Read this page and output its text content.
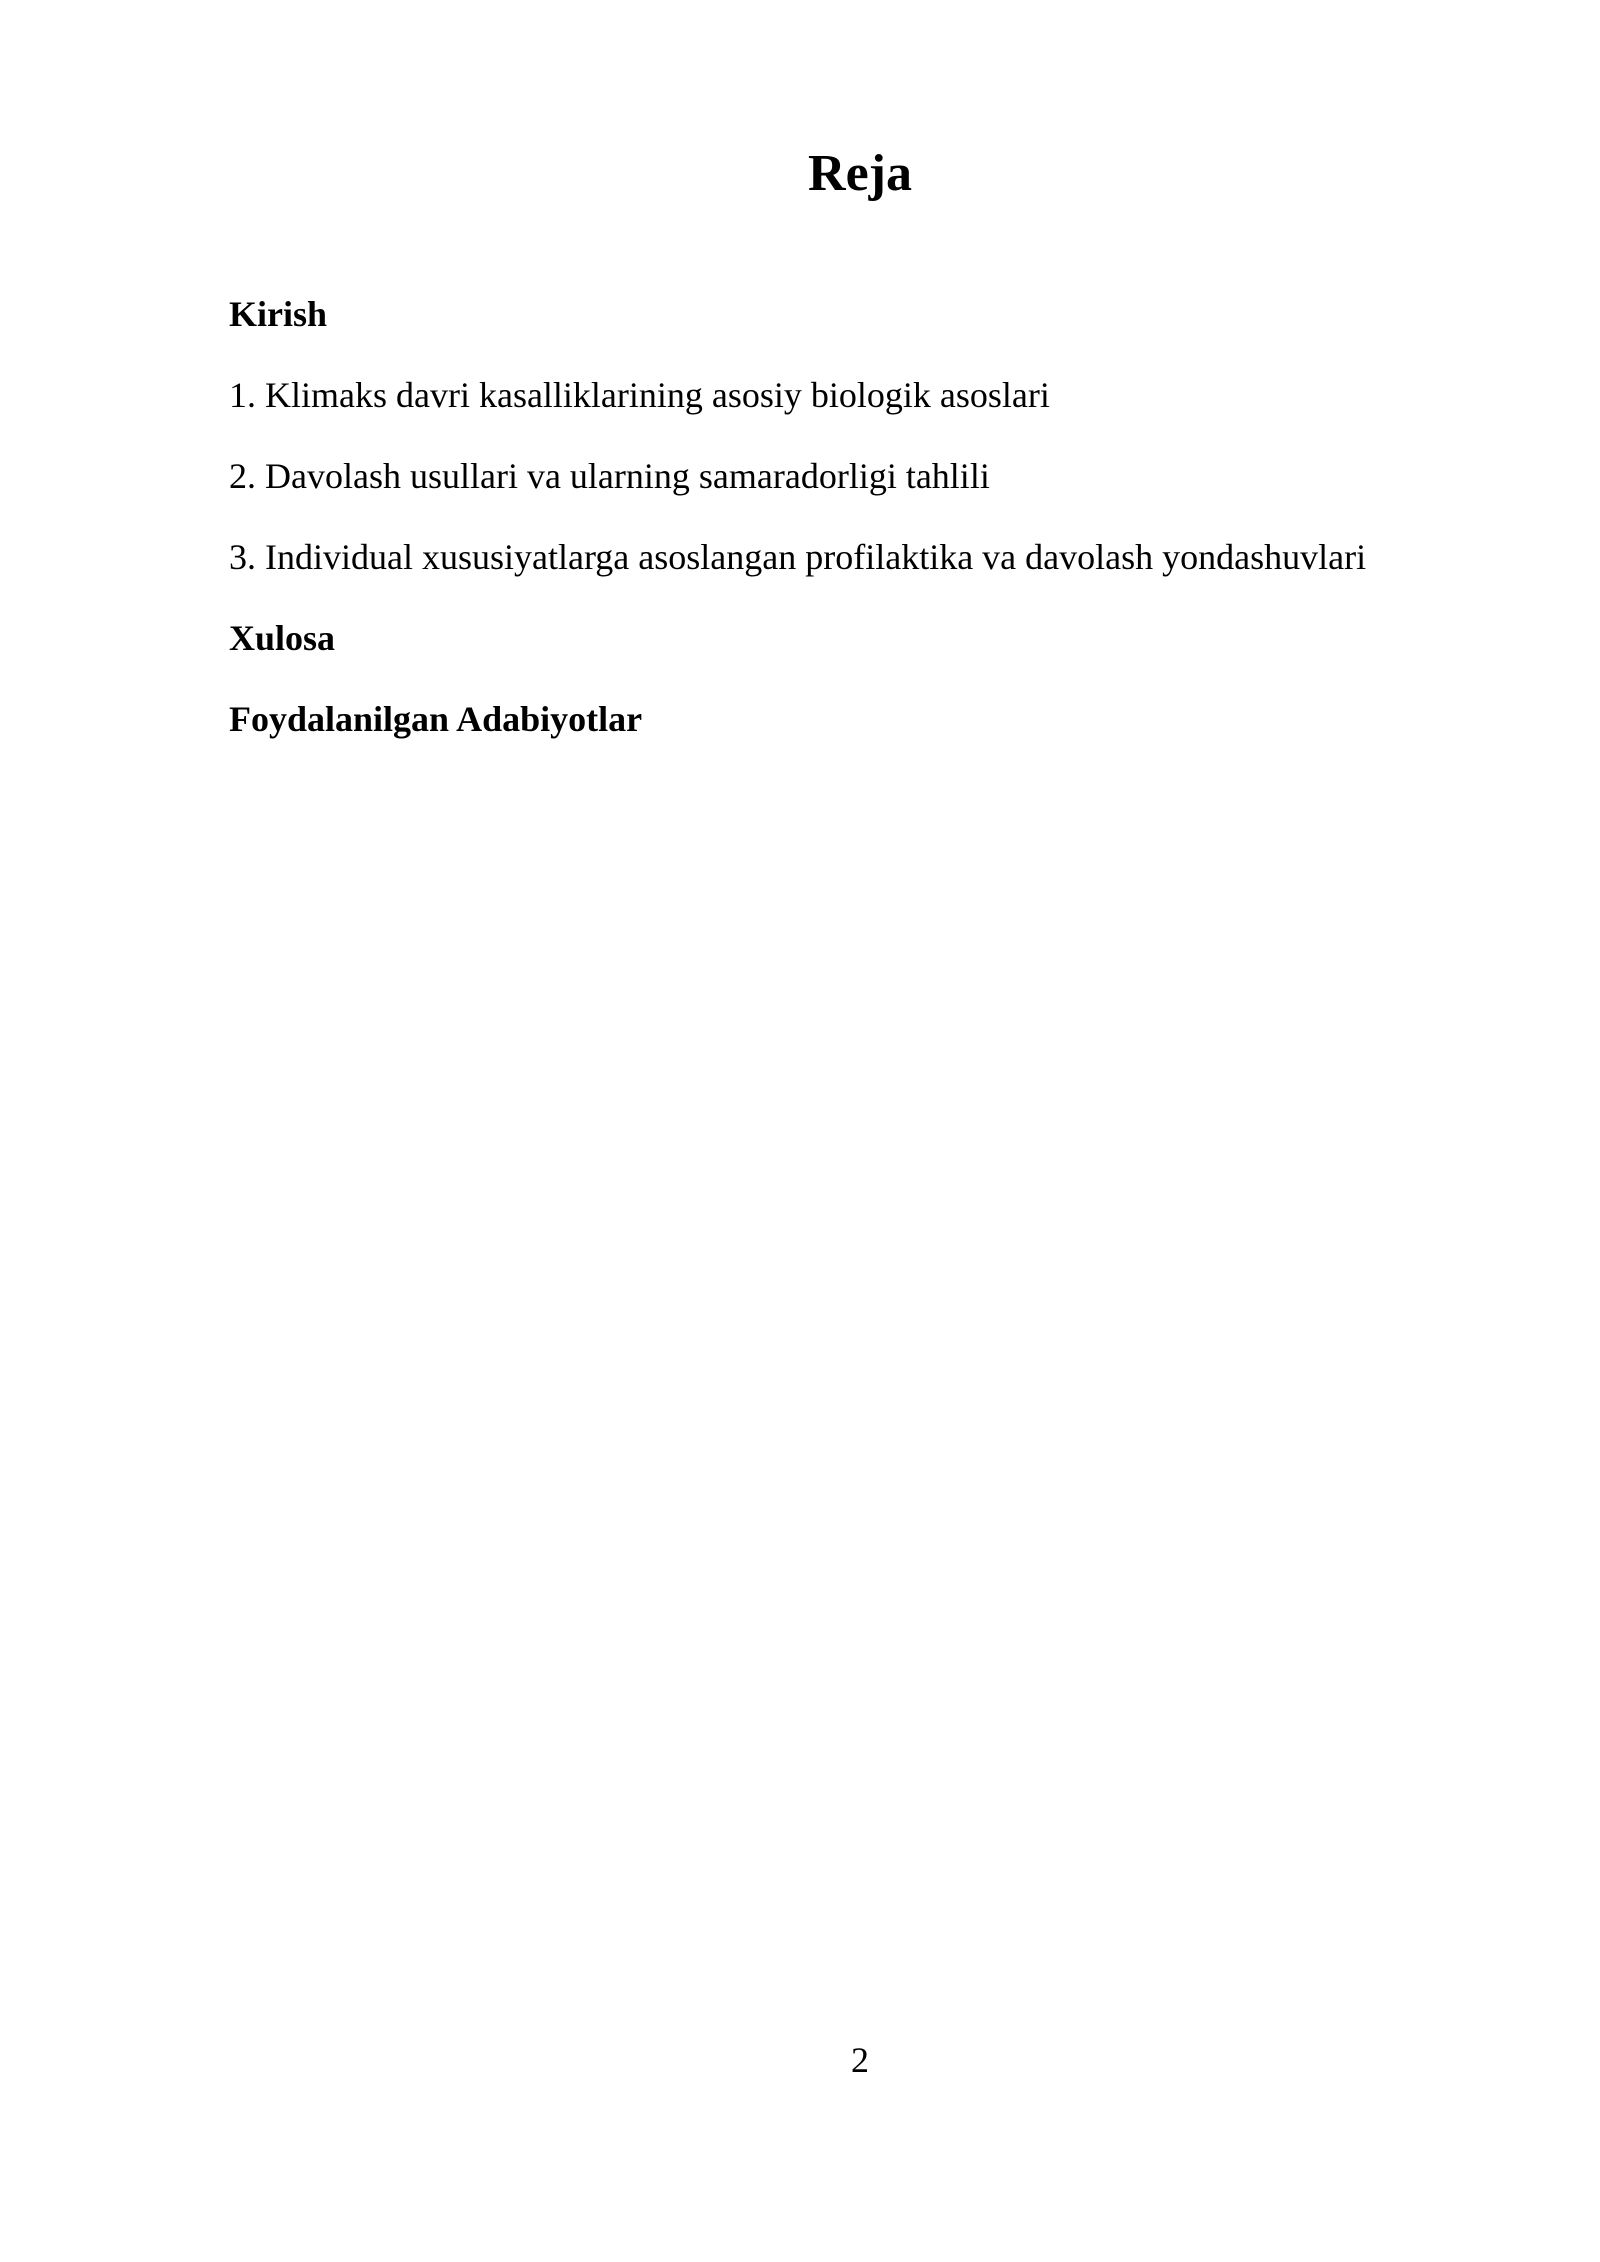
Reja
Kirish
1. Klimaks davri kasalliklarining asosiy biologik asoslari
2. Davolash usullari va ularning samaradorligi tahlili
3. Individual xususiyatlarga asoslangan profilaktika va davolash yondashuvlari
Xulosa
Foydalanilgan Adabiyotlar
2
